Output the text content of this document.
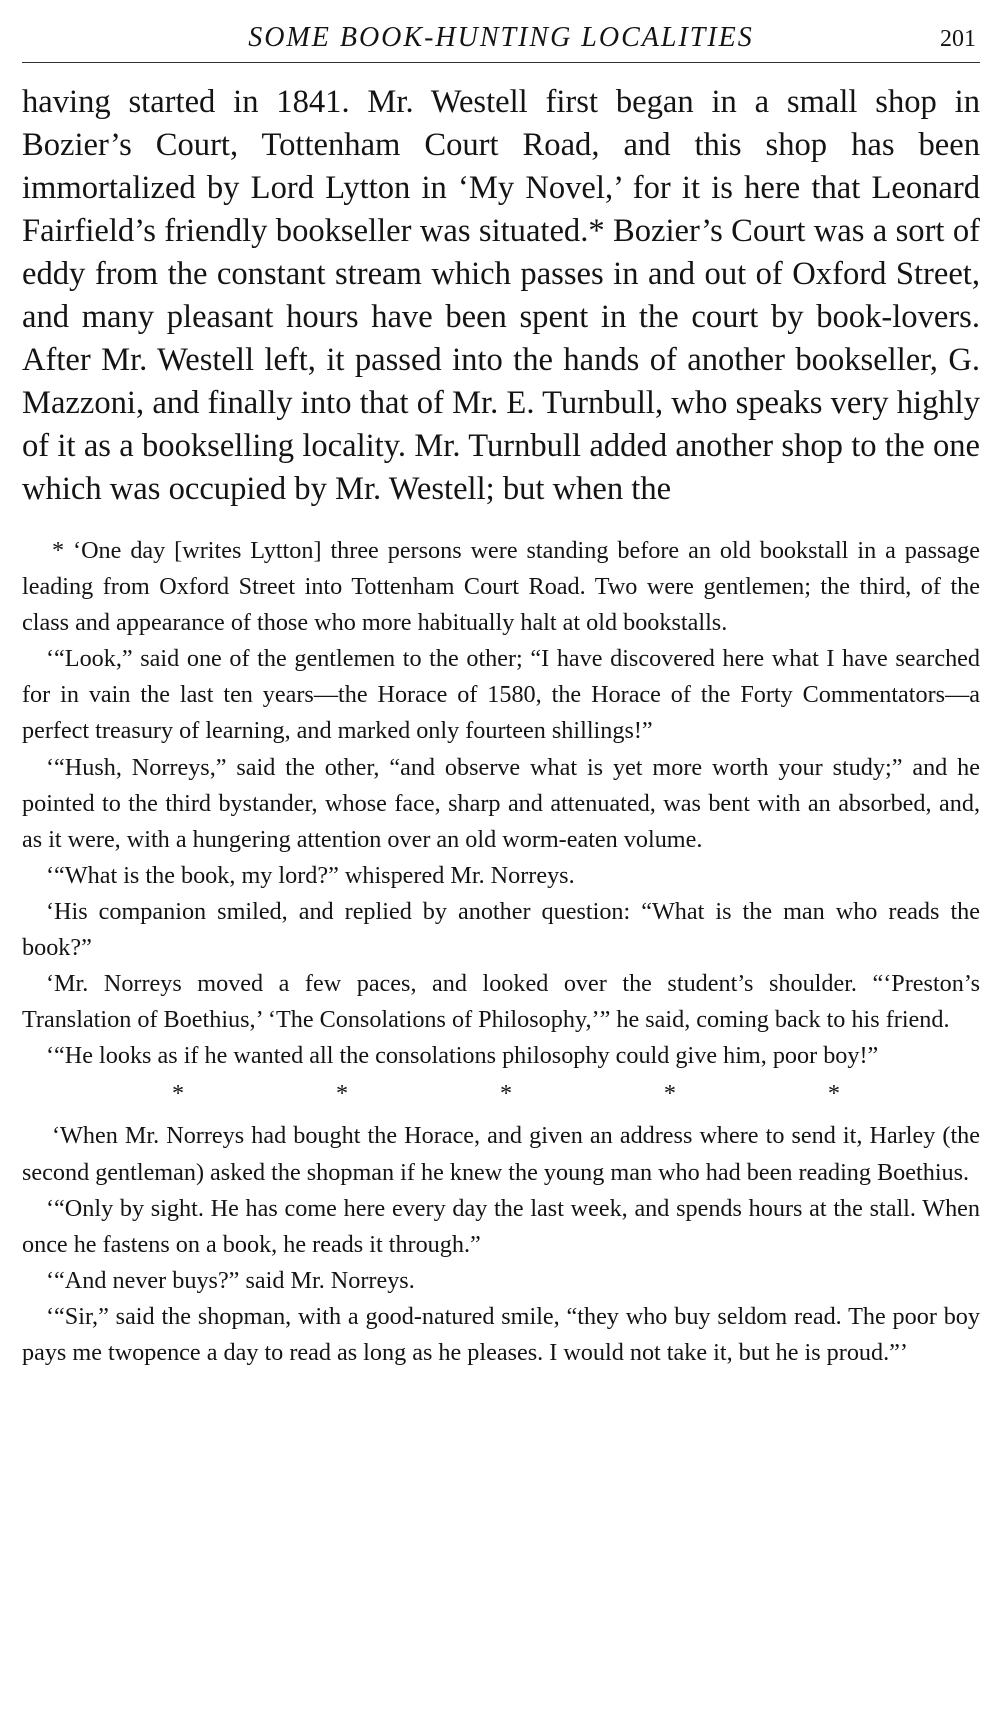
SOME BOOK-HUNTING LOCALITIES	201

having started in 1841. Mr. Westell first began in a small shop in Bozier’s Court, Tottenham Court Road, and this shop has been immortalized by Lord Lytton in ‘My Novel,’ for it is here that Leonard Fairfield’s friendly bookseller was situated.* Bozier’s Court was a sort of eddy from the constant stream which passes in and out of Oxford Street, and many pleasant hours have been spent in the court by book-lovers. After Mr. Westell left, it passed into the hands of another bookseller, G. Mazzoni, and finally into that of Mr. E. Turnbull, who speaks very highly of it as a bookselling locality. Mr. Turnbull added another shop to the one which was occupied by Mr. Westell; but when the

* ‘One day [writes Lytton] three persons were standing before an old bookstall in a passage leading from Oxford Street into Tottenham Court Road. Two were gentlemen; the third, of the class and appearance of those who more habitually halt at old bookstalls.

‘“Look,” said one of the gentlemen to the other; “I have discovered here what I have searched for in vain the last ten years—the Horace of 1580, the Horace of the Forty Commentators—a perfect treasury of learning, and marked only fourteen shillings!”

‘“Hush, Norreys,” said the other, “and observe what is yet more worth your study;” and he pointed to the third bystander, whose face, sharp and attenuated, was bent with an absorbed, and, as it were, with a hungering attention over an old worm-eaten volume.

‘“What is the book, my lord?” whispered Mr. Norreys.

‘His companion smiled, and replied by another question: “What is the man who reads the book?”

‘Mr. Norreys moved a few paces, and looked over the student’s shoulder. “‘Preston’s Translation of Boethius,’ ‘The Consolations of Philosophy,’” he said, coming back to his friend.

‘“He looks as if he wanted all the consolations philosophy could give him, poor boy!”

*	*	*	*	*

‘When Mr. Norreys had bought the Horace, and given an address where to send it, Harley (the second gentleman) asked the shopman if he knew the young man who had been reading Boethius.

‘“Only by sight. He has come here every day the last week, and spends hours at the stall. When once he fastens on a book, he reads it through.”

‘“And never buys?” said Mr. Norreys.

‘“Sir,” said the shopman, with a good-natured smile, “they who buy seldom read. The poor boy pays me twopence a day to read as long as he pleases. I would not take it, but he is proud.”’
